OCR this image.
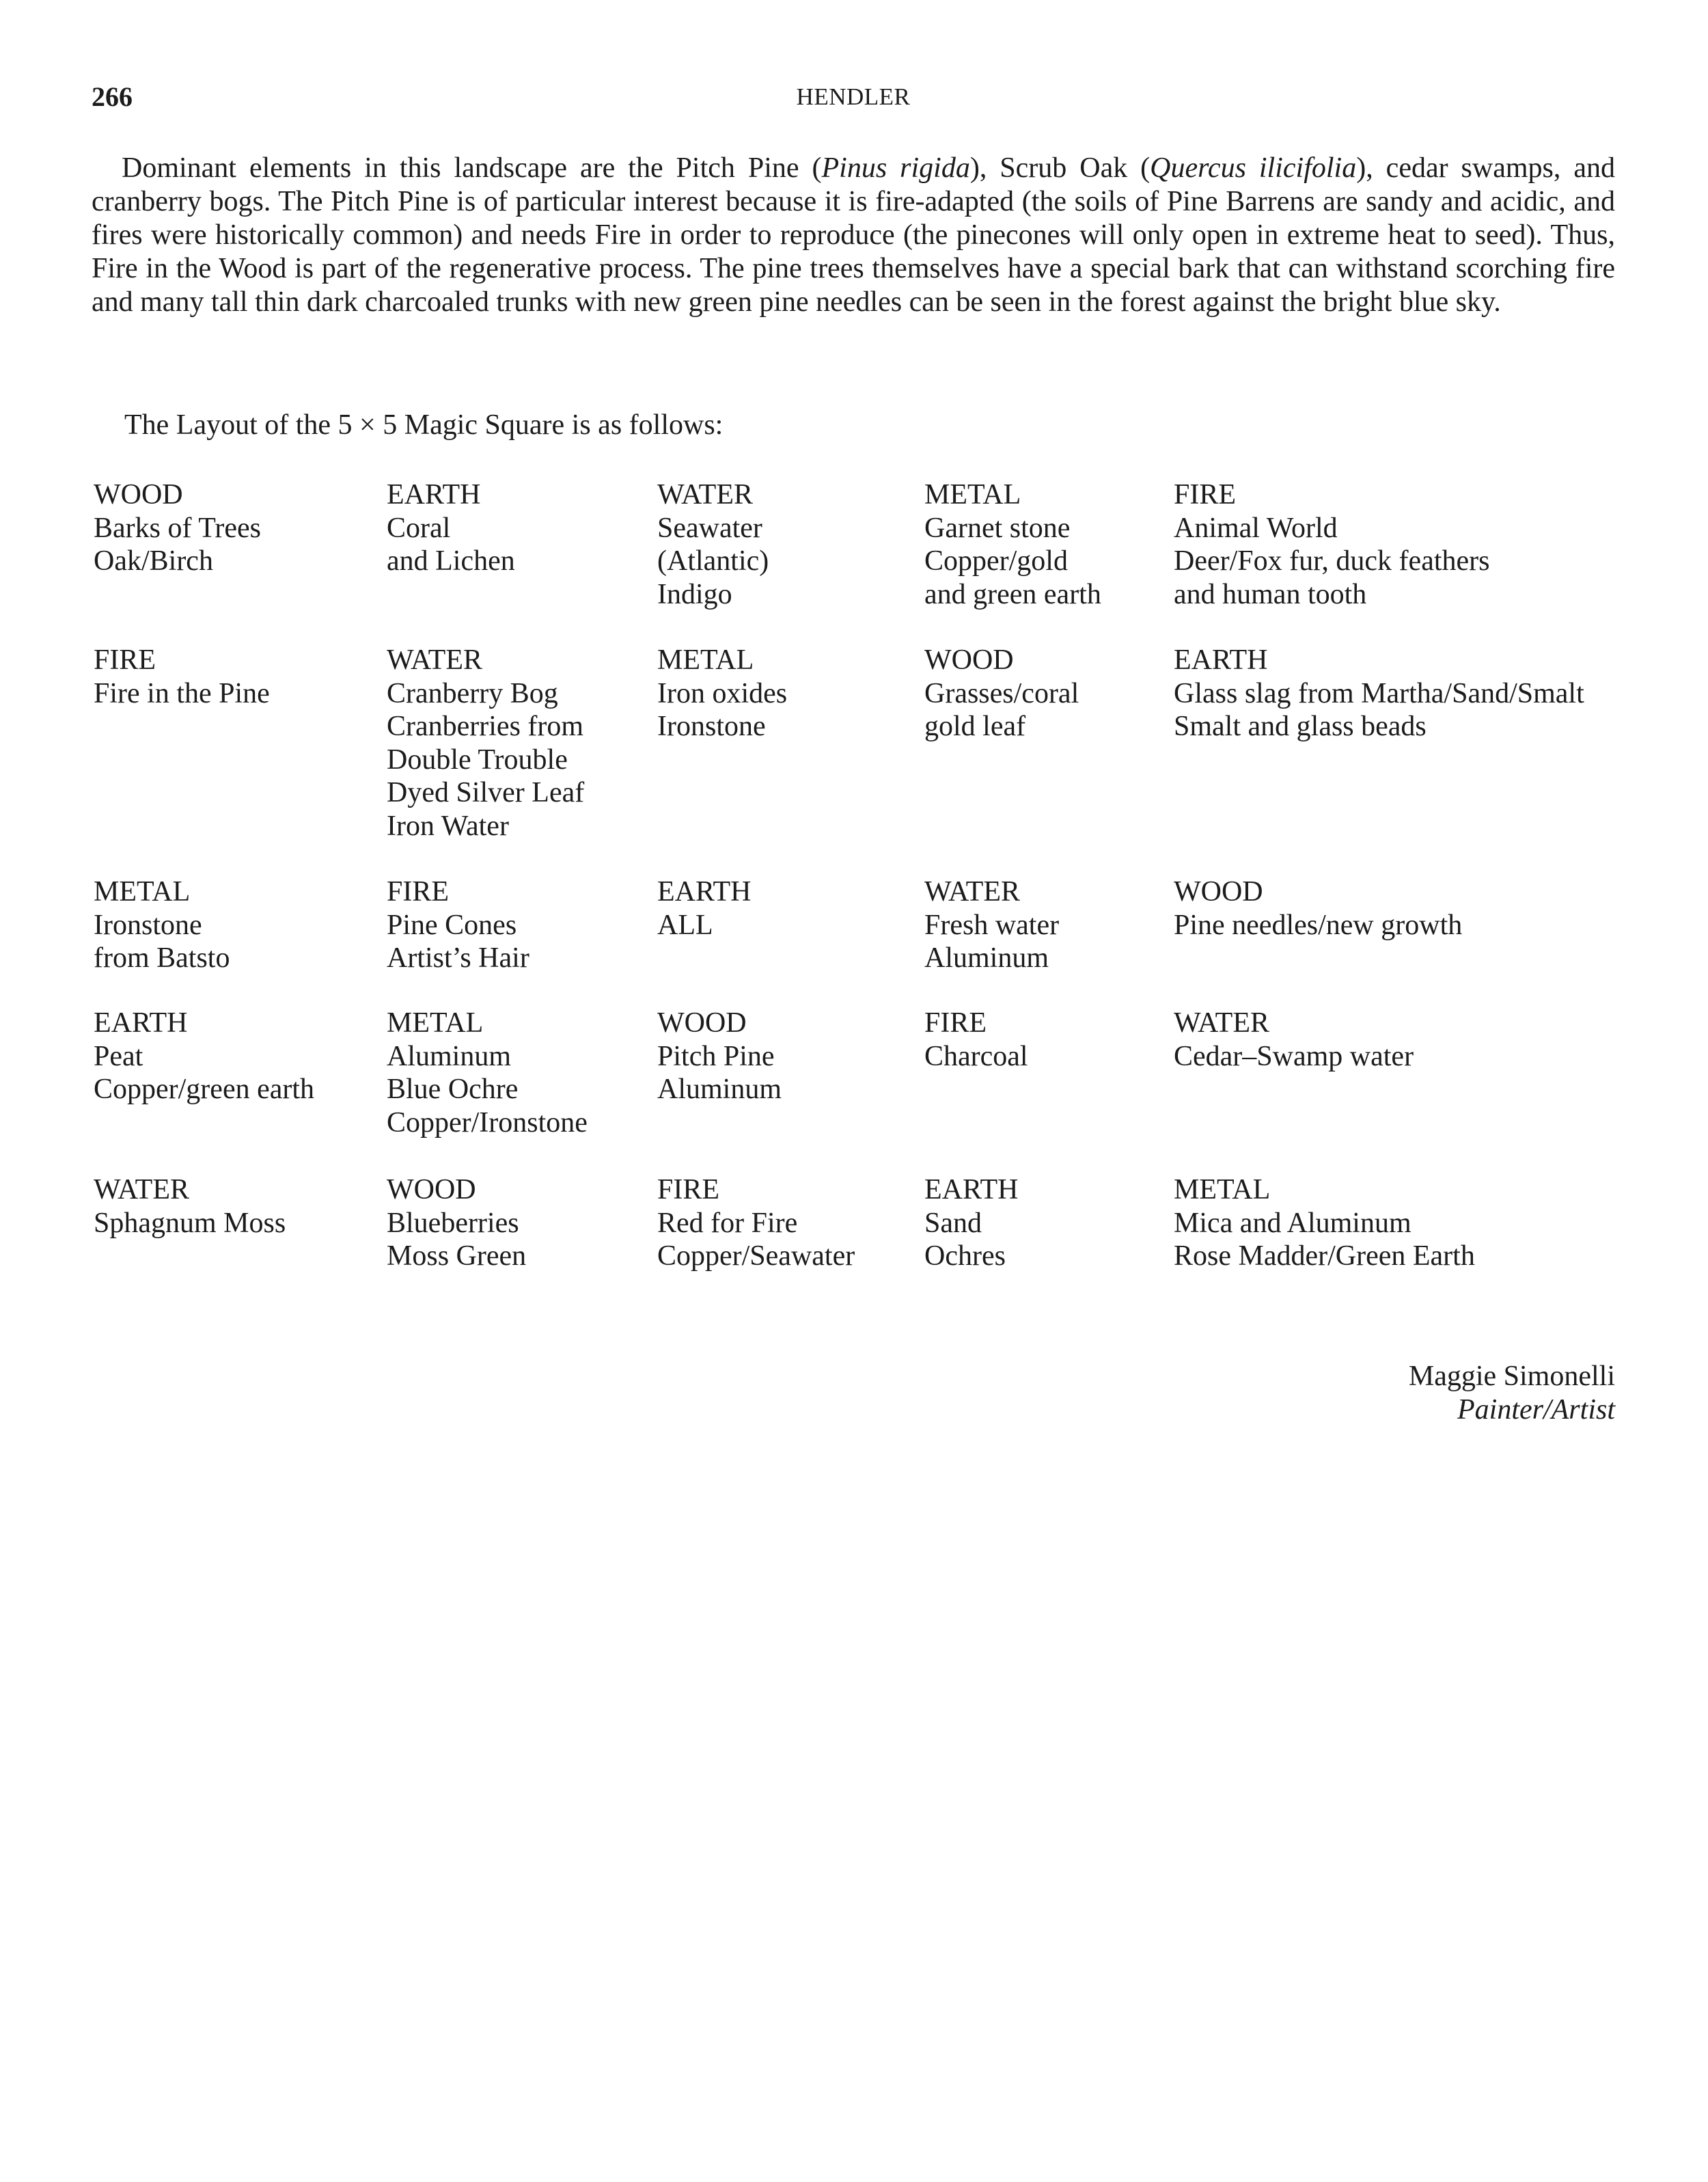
266	HENDLER

Dominant elements in this landscape are the Pitch Pine (Pinus rigida), Scrub Oak (Quercus ilicifolia), cedar swamps, and cranberry bogs. The Pitch Pine is of particular interest because it is fire-adapted (the soils of Pine Barrens are sandy and acidic, and fires were historically common) and needs Fire in order to reproduce (the pinecones will only open in extreme heat to seed). Thus, Fire in the Wood is part of the regenerative process. The pine trees themselves have a special bark that can withstand scorching fire and many tall thin dark charcoaled trunks with new green pine needles can be seen in the forest against the bright blue sky.

The Layout of the 5 × 5 Magic Square is as follows:

WOOD
Barks of Trees
Oak/Birch
EARTH
Coral
and Lichen
WATER
Seawater
(Atlantic)
Indigo
METAL
Garnet stone
Copper/gold
and green earth
FIRE
Animal World
Deer/Fox fur, duck feathers
and human tooth
FIRE
Fire in the Pine
WATER
Cranberry Bog
Cranberries from
Double Trouble
Dyed Silver Leaf
Iron Water
METAL
Iron oxides
Ironstone
WOOD
Grasses/coral
gold leaf
EARTH
Glass slag from Martha/Sand/Smalt
Smalt and glass beads
METAL
Ironstone
from Batsto
FIRE
Pine Cones
Artist’s Hair
EARTH
ALL
WATER
Fresh water
Aluminum
WOOD
Pine needles/new growth
EARTH
Peat
Copper/green earth
METAL
Aluminum
Blue Ochre
Copper/Ironstone
WOOD
Pitch Pine
Aluminum
FIRE
Charcoal
WATER
Cedar–Swamp water
WATER
Sphagnum Moss
WOOD
Blueberries
Moss Green
FIRE
Red for Fire
Copper/Seawater
EARTH
Sand
Ochres
METAL
Mica and Aluminum
Rose Madder/Green Earth
Maggie Simonelli
Painter/Artist
